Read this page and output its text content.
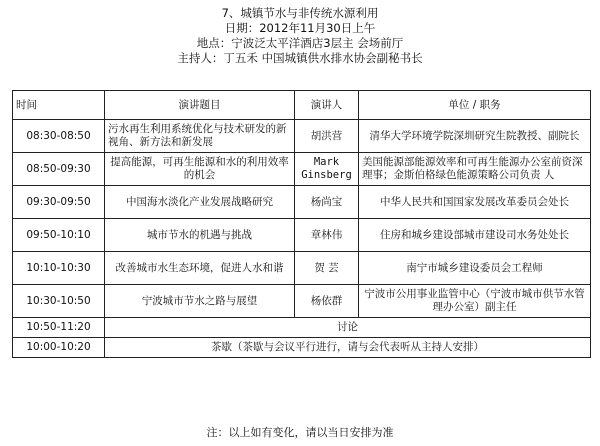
7、城镇节水与非传统水源利用
日期：2012年11月30日上午
地点：宁波泛太平洋酒店3层主 会场前厅
主持人：丁五禾 中国城镇供水排水协会副秘书长
时间	演讲题目	演讲人	单位 / 职务
08:30-08:50	污水再生利用系统优化与技术研发的新视角、新方法和新发展	胡洪营	清华大学环境学院深圳研究生院教授、副院长
08:50-09:30	提高能源，可再生能源和水的利用效率的机会	Mark Ginsberg	美国能源部能源效率和可再生能源办公室前资深理事；金斯伯格绿色能源策略公司负责 人
09:30-09:50	中国海水淡化产业发展战略研究	杨尚宝	中华人民共和国国家发展改革委员会处长
09:50-10:10	城市节水的机遇与挑战	章林伟	住房和城乡建设部城市建设司水务处处长
10:10-10:30	改善城市水生态环境，促进人水和谐	贺 芸	南宁市城乡建设委员会工程师
10:30-10:50	宁波城市节水之路与展望	杨依群	宁波市公用事业监管中心（宁波市城市供节水管理办公室）副主任
10:50-11:20	讨论		
10:00-10:20	茶歇（茶歇与会议平行进行，请与会代表听从主持人安排）		
注：以上如有变化，请以当日安排为准
